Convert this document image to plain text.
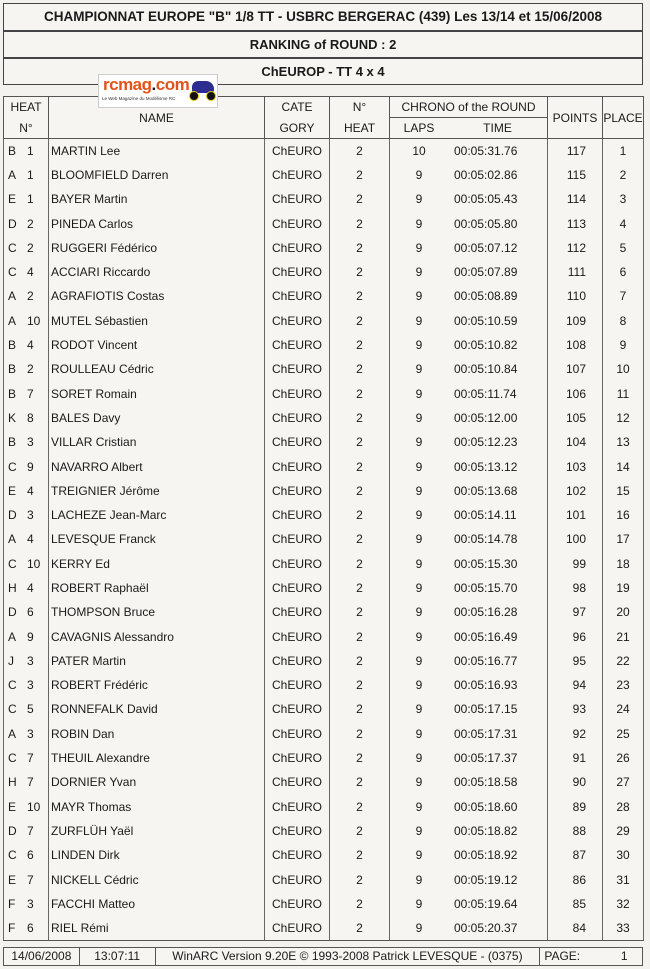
CHAMPIONNAT EUROPE "B" 1/8 TT - USBRC BERGERAC (439) Les 13/14 et 15/06/2008
RANKING of ROUND : 2
ChEUROP - TT 4 x 4
rcmag.com
Le Web Magazine du Modélisme RC
HEAT	NAME	CATE	N°	CHRONO of the ROUND	POINTS	PLACE
N°		GORY	HEAT	LAPS TIME		

B 1	MARTIN Lee	ChEURO	2	10 00:05:31.76	117	1
A 1	BLOOMFIELD Darren	ChEURO	2	9 00:05:02.86	115	2
E 1	BAYER Martin	ChEURO	2	9 00:05:05.43	114	3
D 2	PINEDA Carlos	ChEURO	2	9 00:05:05.80	113	4
C 2	RUGGERI Fédérico	ChEURO	2	9 00:05:07.12	112	5
C 4	ACCIARI Riccardo	ChEURO	2	9 00:05:07.89	111	6
A 2	AGRAFIOTIS Costas	ChEURO	2	9 00:05:08.89	110	7
A 10	MUTEL Sébastien	ChEURO	2	9 00:05:10.59	109	8
B 4	RODOT Vincent	ChEURO	2	9 00:05:10.82	108	9
B 2	ROULLEAU Cédric	ChEURO	2	9 00:05:10.84	107	10
B 7	SORET Romain	ChEURO	2	9 00:05:11.74	106	11
K 8	BALES Davy	ChEURO	2	9 00:05:12.00	105	12
B 3	VILLAR Cristian	ChEURO	2	9 00:05:12.23	104	13
C 9	NAVARRO Albert	ChEURO	2	9 00:05:13.12	103	14
E 4	TREIGNIER Jérôme	ChEURO	2	9 00:05:13.68	102	15
D 3	LACHEZE Jean-Marc	ChEURO	2	9 00:05:14.11	101	16
A 4	LEVESQUE Franck	ChEURO	2	9 00:05:14.78	100	17
C 10	KERRY Ed	ChEURO	2	9 00:05:15.30	99	18
H 4	ROBERT Raphaël	ChEURO	2	9 00:05:15.70	98	19
D 6	THOMPSON Bruce	ChEURO	2	9 00:05:16.28	97	20
A 9	CAVAGNIS Alessandro	ChEURO	2	9 00:05:16.49	96	21
J 3	PATER Martin	ChEURO	2	9 00:05:16.77	95	22
C 3	ROBERT Frédéric	ChEURO	2	9 00:05:16.93	94	23
C 5	RONNEFALK David	ChEURO	2	9 00:05:17.15	93	24
A 3	ROBIN Dan	ChEURO	2	9 00:05:17.31	92	25
C 7	THEUIL Alexandre	ChEURO	2	9 00:05:17.37	91	26
H 7	DORNIER Yvan	ChEURO	2	9 00:05:18.58	90	27
E 10	MAYR Thomas	ChEURO	2	9 00:05:18.60	89	28
D 7	ZURFLÜH Yaël	ChEURO	2	9 00:05:18.82	88	29
C 6	LINDEN Dirk	ChEURO	2	9 00:05:18.92	87	30
E 7	NICKELL Cédric	ChEURO	2	9 00:05:19.12	86	31
F 3	FACCHI Matteo	ChEURO	2	9 00:05:19.64	85	32
F 6	RIEL Rémi	ChEURO	2	9 00:05:20.37	84	33
14/06/2008	13:07:11	WinARC Version 9.20E © 1993-2008 Patrick LEVESQUE - (0375)	PAGE:	1
